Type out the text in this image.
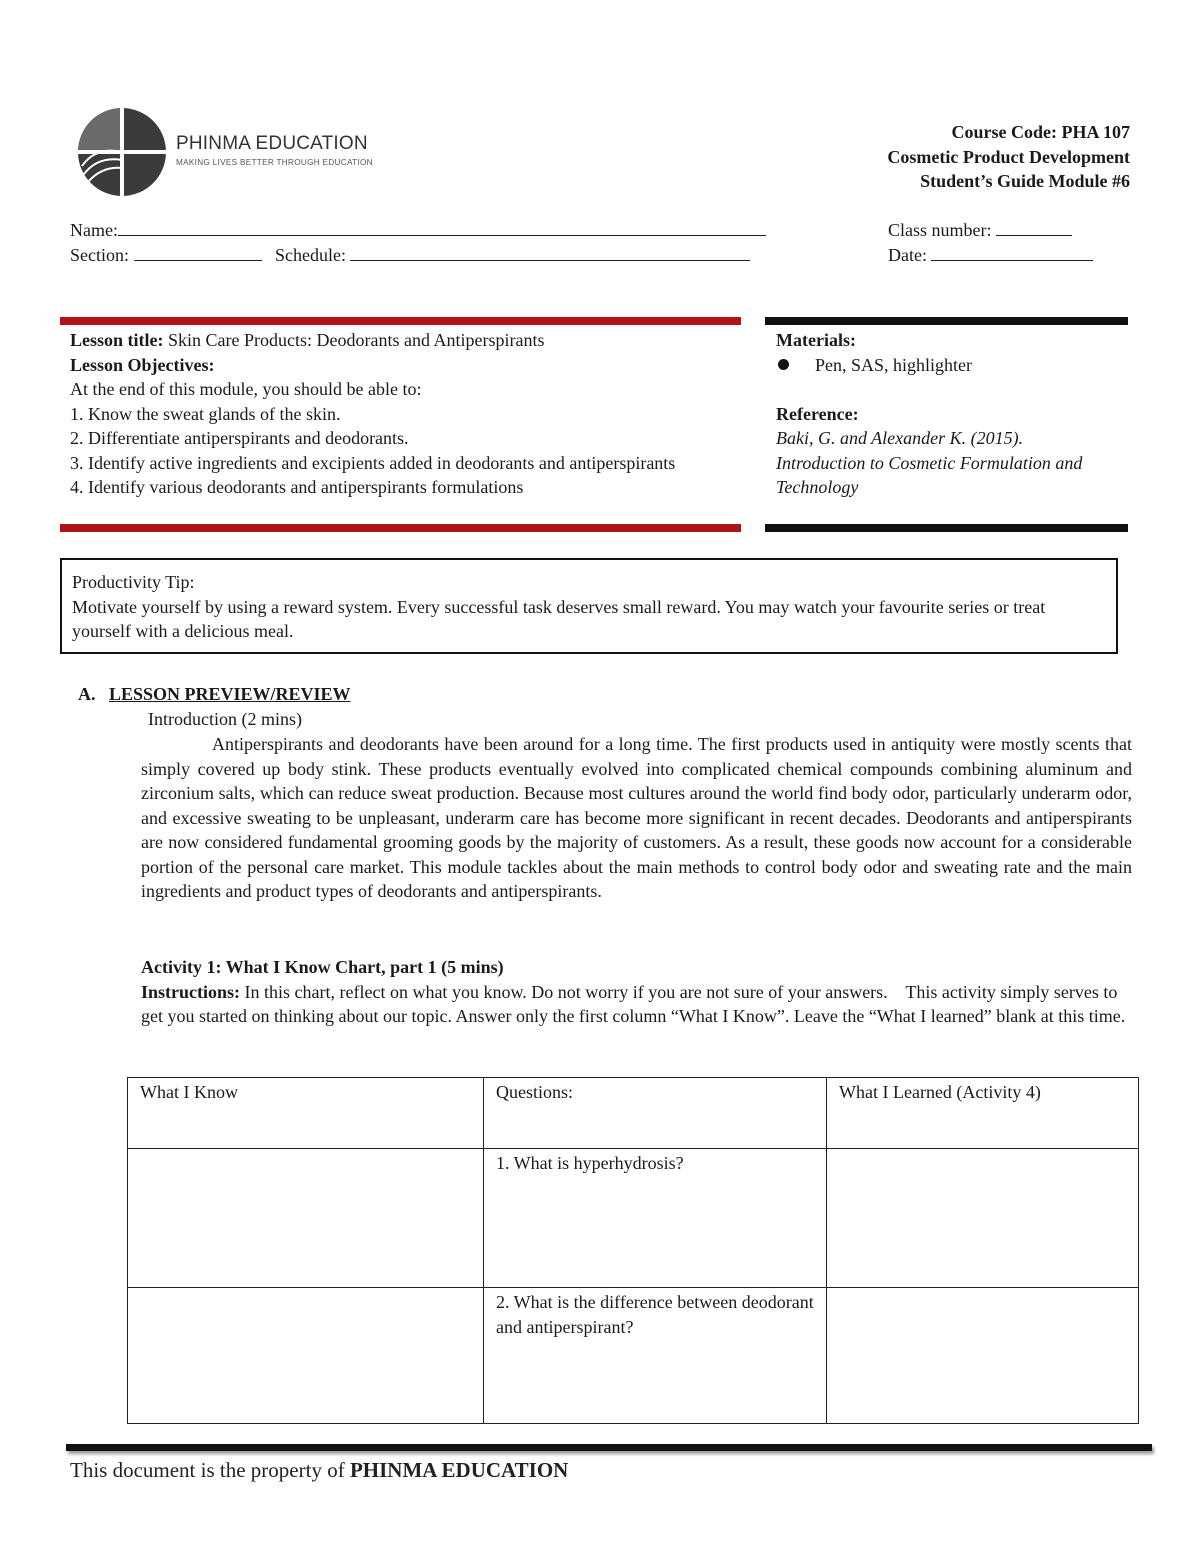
PHINMA EDUCATION
MAKING LIVES BETTER THROUGH EDUCATION
Course Code: PHA 107
Cosmetic Product Development
Student’s Guide Module #6
Name:
Section:	Schedule:
Class number:
Date:
Lesson title: Skin Care Products: Deodorants and Antiperspirants
Lesson Objectives:
At the end of this module, you should be able to:
1. Know the sweat glands of the skin.
2. Differentiate antiperspirants and deodorants.
3. Identify active ingredients and excipients added in deodorants and antiperspirants
4. Identify various deodorants and antiperspirants formulations
Materials:
Pen, SAS, highlighter
Reference:
Baki, G. and Alexander K. (2015). Introduction to Cosmetic Formulation and Technology
Productivity Tip:
Motivate yourself by using a reward system. Every successful task deserves small reward. You may watch your favourite series or treat yourself with a delicious meal.
A. LESSON PREVIEW/REVIEW
Introduction (2 mins)
Antiperspirants and deodorants have been around for a long time. The first products used in antiquity were mostly scents that simply covered up body stink. These products eventually evolved into complicated chemical compounds combining aluminum and zirconium salts, which can reduce sweat production. Because most cultures around the world find body odor, particularly underarm odor, and excessive sweating to be unpleasant, underarm care has become more significant in recent decades. Deodorants and antiperspirants are now considered fundamental grooming goods by the majority of customers. As a result, these goods now account for a considerable portion of the personal care market. This module tackles about the main methods to control body odor and sweating rate and the main ingredients and product types of deodorants and antiperspirants.
Activity 1: What I Know Chart, part 1 (5 mins)
Instructions: In this chart, reflect on what you know. Do not worry if you are not sure of your answers.    This activity simply serves to get you started on thinking about our topic. Answer only the first column “What I Know”. Leave the “What I learned” blank at this time.
What I Know	Questions:	What I Learned (Activity 4)
	1. What is hyperhydrosis?	
	2. What is the difference between deodorant and antiperspirant?	
This document is the property of PHINMA EDUCATION
